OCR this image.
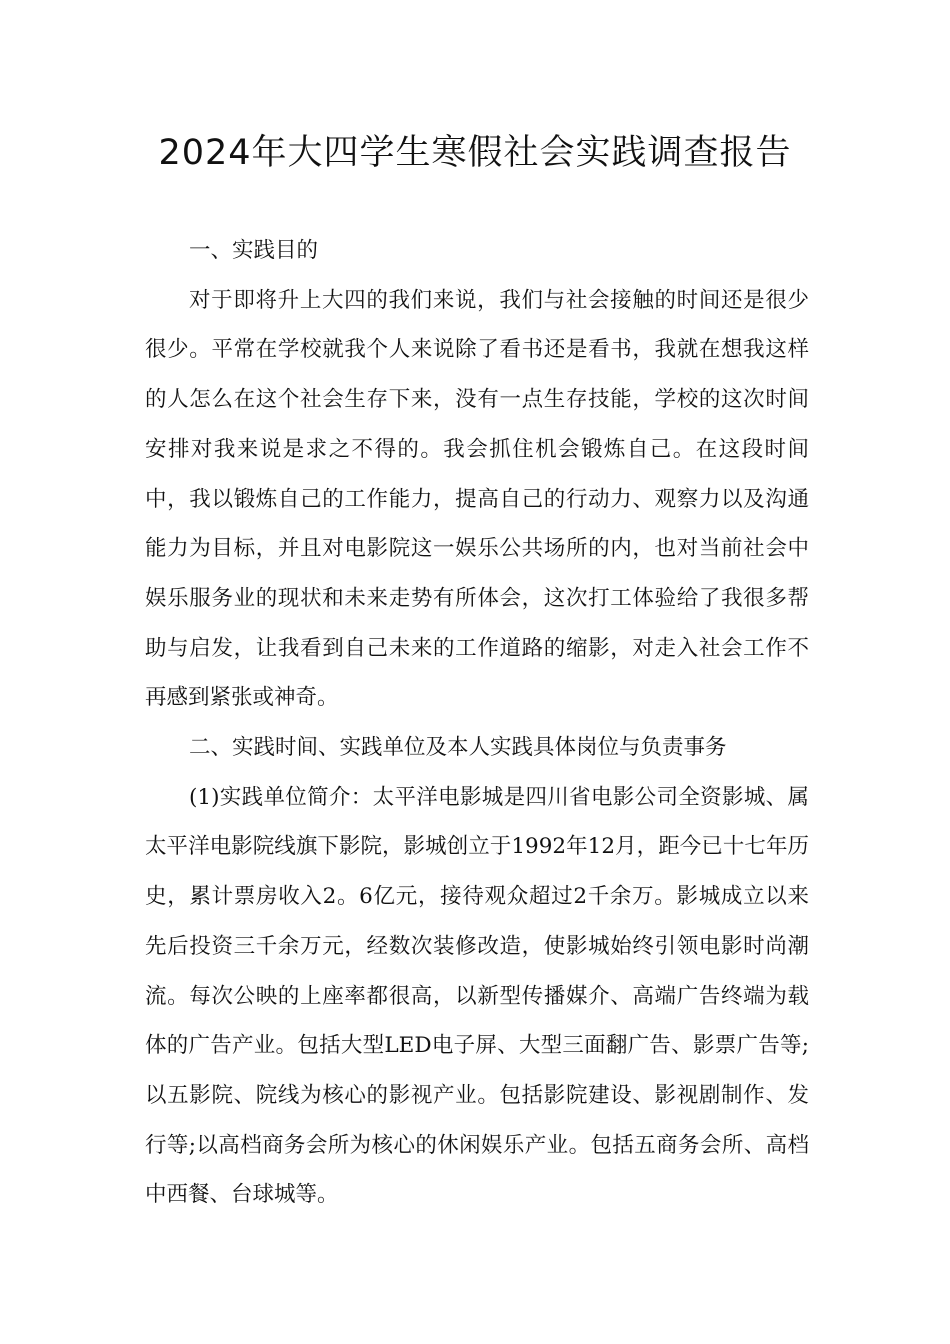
2024年大四学生寒假社会实践调查报告

一、实践目的

对于即将升上大四的我们来说，我们与社会接触的时间还是很少很少。平常在学校就我个人来说除了看书还是看书，我就在想我这样的人怎么在这个社会生存下来，没有一点生存技能，学校的这次时间安排对我来说是求之不得的。我会抓住机会锻炼自己。在这段时间中，我以锻炼自己的工作能力，提高自己的行动力、观察力以及沟通能力为目标，并且对电影院这一娱乐公共场所的内，也对当前社会中娱乐服务业的现状和未来走势有所体会，这次打工体验给了我很多帮助与启发，让我看到自己未来的工作道路的缩影，对走入社会工作不再感到紧张或神奇。

二、实践时间、实践单位及本人实践具体岗位与负责事务

(1)实践单位简介：太平洋电影城是四川省电影公司全资影城、属太平洋电影院线旗下影院，影城创立于1992年12月，距今已十七年历史，累计票房收入2。6亿元，接待观众超过2千余万。影城成立以来先后投资三千余万元，经数次装修改造，使影城始终引领电影时尚潮流。每次公映的上座率都很高，以新型传播媒介、高端广告终端为载体的广告产业。包括大型LED电子屏、大型三面翻广告、影票广告等;以五影院、院线为核心的影视产业。包括影院建设、影视剧制作、发行等;以高档商务会所为核心的休闲娱乐产业。包括五商务会所、高档中西餐、台球城等。
